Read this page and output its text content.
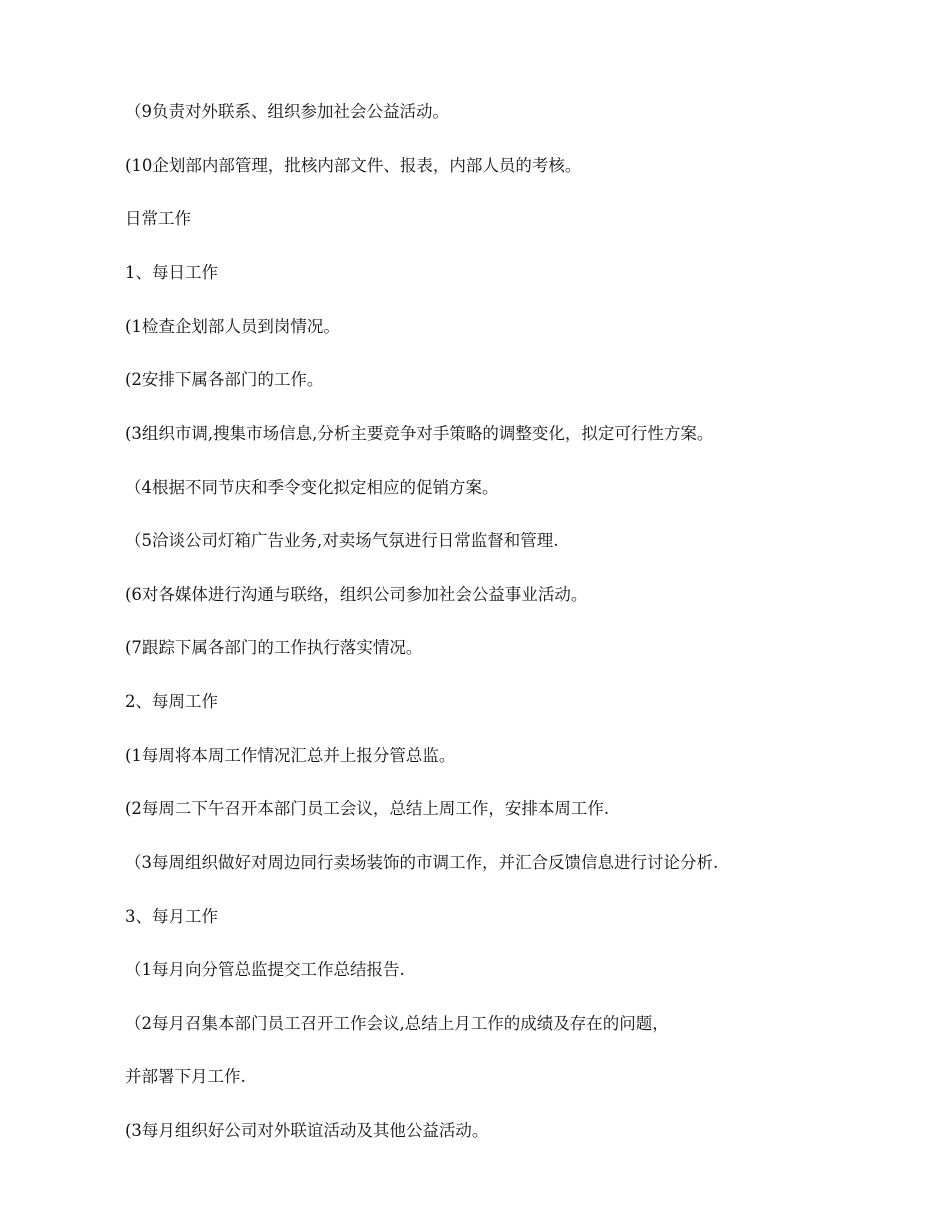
（9负责对外联系、组织参加社会公益活动。

(10企划部内部管理，批核内部文件、报表，内部人员的考核。

日常工作

1、每日工作

(1检查企划部人员到岗情况。

(2安排下属各部门的工作。

(3组织市调,搜集市场信息,分析主要竞争对手策略的调整变化，拟定可行性方案。

（4根据不同节庆和季令变化拟定相应的促销方案。

（5洽谈公司灯箱广告业务,对卖场气氛进行日常监督和管理.

(6对各媒体进行沟通与联络，组织公司参加社会公益事业活动。

(7跟踪下属各部门的工作执行落实情况。

2、每周工作

(1每周将本周工作情况汇总并上报分管总监。

(2每周二下午召开本部门员工会议，总结上周工作，安排本周工作.

（3每周组织做好对周边同行卖场装饰的市调工作，并汇合反馈信息进行讨论分析.

3、每月工作

（1每月向分管总监提交工作总结报告.

（2每月召集本部门员工召开工作会议,总结上月工作的成绩及存在的问题，

并部署下月工作.

(3每月组织好公司对外联谊活动及其他公益活动。
